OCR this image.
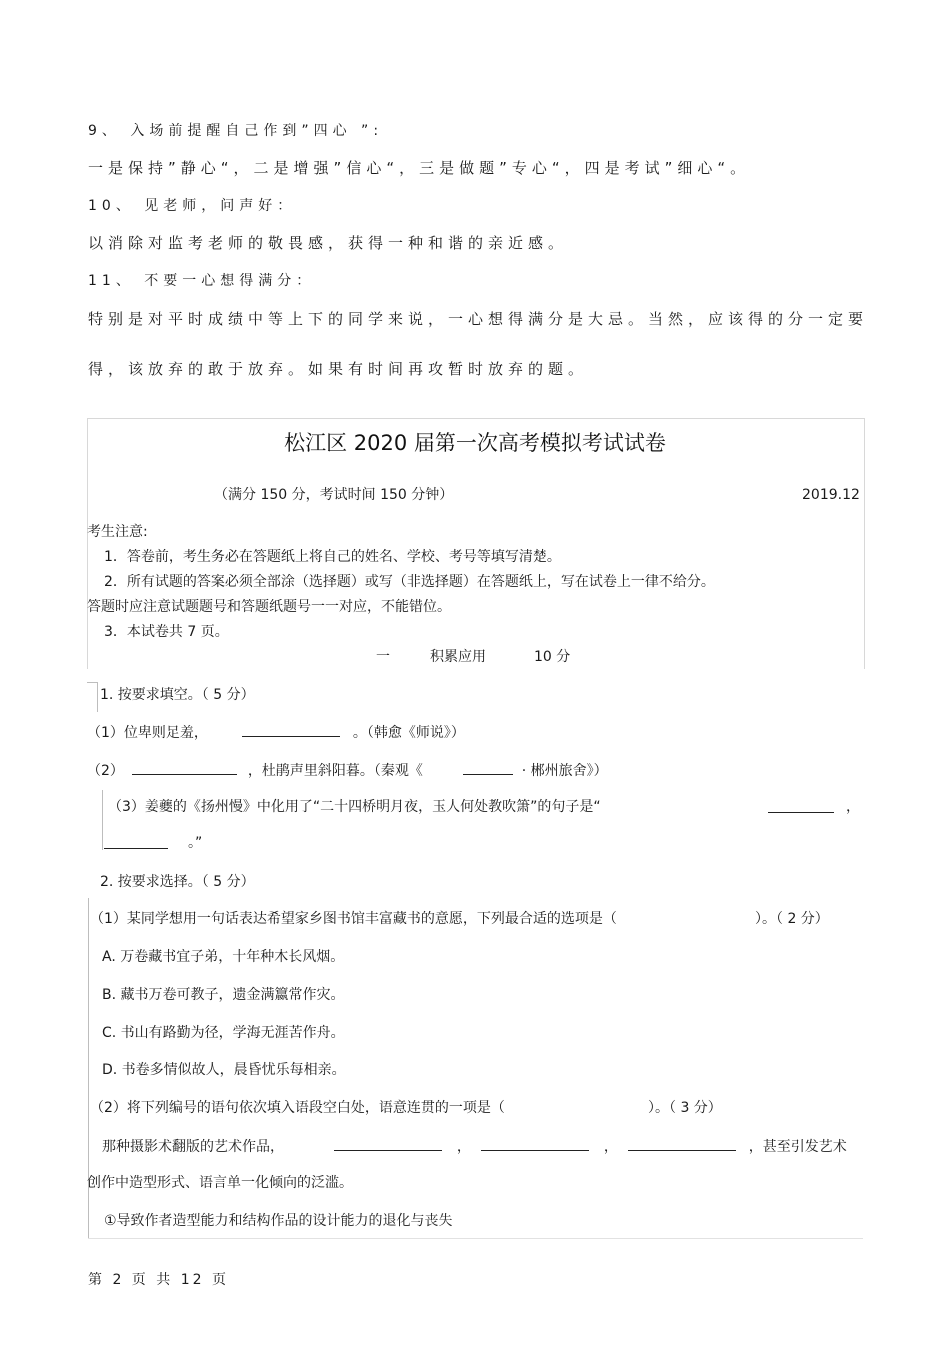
9、 入场前提醒自己作到”四心 ”:
一是保持”静心“，二是增强”信心“，三是做题”专心“，四是考试”细心“。
10、 见老师，问声好：
以消除对监考老师的敬畏感，获得一种和谐的亲近感。
11、 不要一心想得满分：
特别是对平时成绩中等上下的同学来说，一心想得满分是大忌。当然，应该得的分一定要
得，该放弃的敢于放弃。如果有时间再攻暂时放弃的题。
松江区 2020 届第一次高考模拟考试试卷
（满分 150 分，考试时间 150 分钟）	2019.12
考生注意:
1．答卷前，考生务必在答题纸上将自己的姓名、学校、考号等填写清楚。
2．所有试题的答案必须全部涂（选择题）或写（非选择题）在答题纸上，写在试卷上一律不给分。
答题时应注意试题题号和答题纸题号一一对应，不能错位。
3．本试卷共 7 页。
一	积累应用	10 分
1. 按要求填空。（ 5 分）
（1）位卑则足羞，	。（韩愈《师说》）
（2）	，杜鹃声里斜阳暮。（秦观《	· 郴州旅舍》）
（3）姜夔的《扬州慢》中化用了“二十四桥明月夜，玉人何处教吹箫”的句子是“	，
。”
2. 按要求选择。（ 5 分）
（1）某同学想用一句话表达希望家乡图书馆丰富藏书的意愿，下列最合适的选项是（	）。（ 2 分）
A. 万卷藏书宜子弟，十年种木长风烟。
B. 藏书万卷可教子，遗金满籝常作灾。
C. 书山有路勤为径，学海无涯苦作舟。
D. 书卷多情似故人，晨昏忧乐每相亲。
（2）将下列编号的语句依次填入语段空白处，语意连贯的一项是（	）。（ 3 分）
那种摄影术翻版的艺术作品，	，	，	，甚至引发艺术
创作中造型形式、语言单一化倾向的泛滥。
①导致作者造型能力和结构作品的设计能力的退化与丧失
第 2 页 共 12 页
